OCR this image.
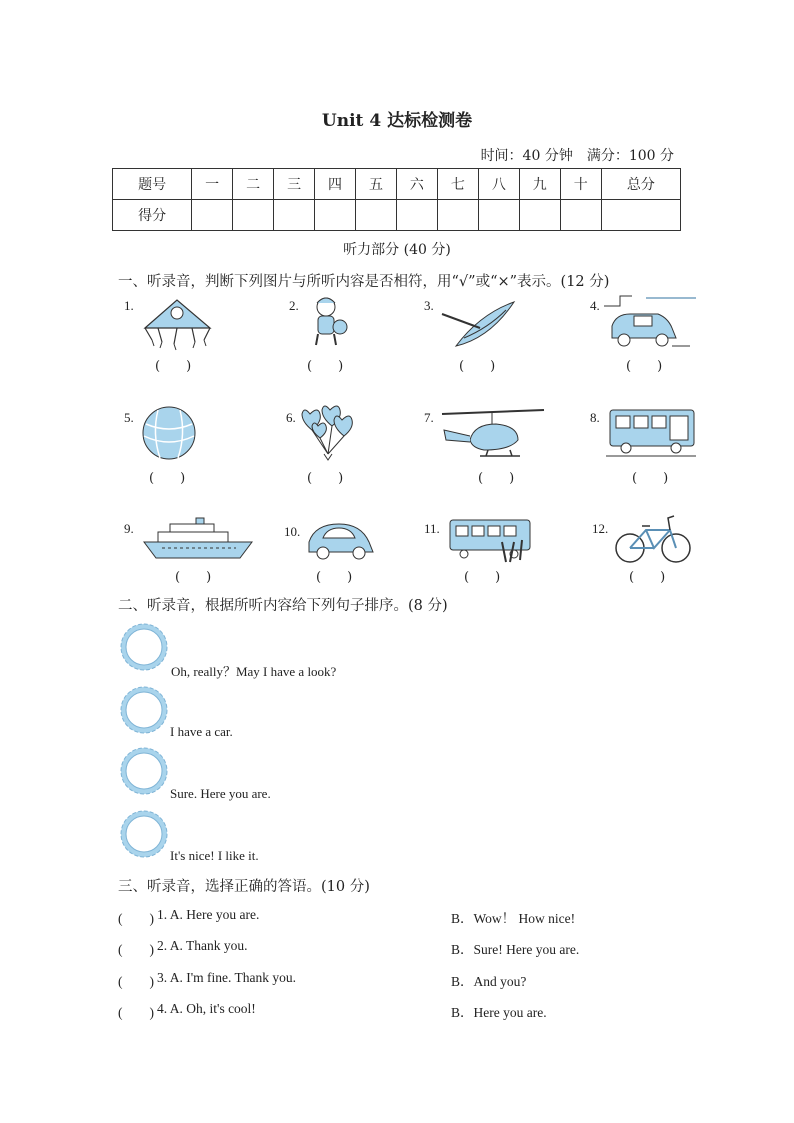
Unit 4 达标检测卷
时间：40 分钟　满分：100 分
题号	一	二	三	四	五	六	七	八	九	十	总分
得分											
听力部分 (40 分)
一、听录音，判断下列图片与所听内容是否相符，用“√”或“×”表示。(12 分)
1.
(　　)
2.
(　　)
3.
(　　)
4.
(　　)
5.
(　　)
6.
(　　)
7.
(　　)
8.
(　　)
9.
(　　)
10.
(　　)
11.
(　　)
12.
(　　)
二、听录音，根据所听内容给下列句子排序。(8 分)
Oh, really？May I have a look?
I have a car.
Sure. Here you are.
It's nice! I like it.
三、听录音，选择正确的答语。(10 分)
(　　) 1. A. Here you are.	B．Wow！ How nice!
(　　) 2. A. Thank you.	B．Sure! Here you are.
(　　) 3. A. I'm fine. Thank you.	B．And you?
(　　) 4. A. Oh, it's cool!	B．Here you are.
